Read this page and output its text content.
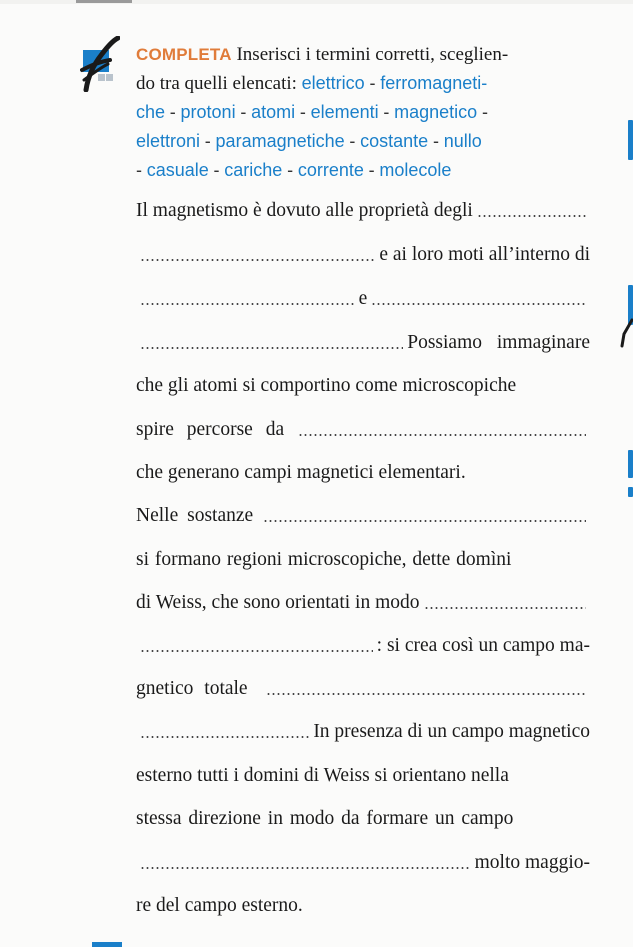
COMPLETA Inserisci i termini corretti, sceglien-
do tra quelli elencati: elettrico - ferromagneti-
che - protoni - atomi - elementi - magnetico -
elettroni - paramagnetiche - costante - nullo
- casuale - cariche - corrente - molecole
Il magnetismo è dovuto alle proprietà degli
e ai loro moti all’interno di
e
Possiamo immaginare
che gli atomi si comportino come microscopiche
spire percorse da
che generano campi magnetici elementari.
Nelle sostanze
si formano regioni microscopiche, dette domìni
di Weiss, che sono orientati in modo
: si crea così un campo ma-
gnetico totale
In presenza di un campo magnetico
esterno tutti i domini di Weiss si orientano nella
stessa direzione in modo da formare un campo
molto maggio-
re del campo esterno.
